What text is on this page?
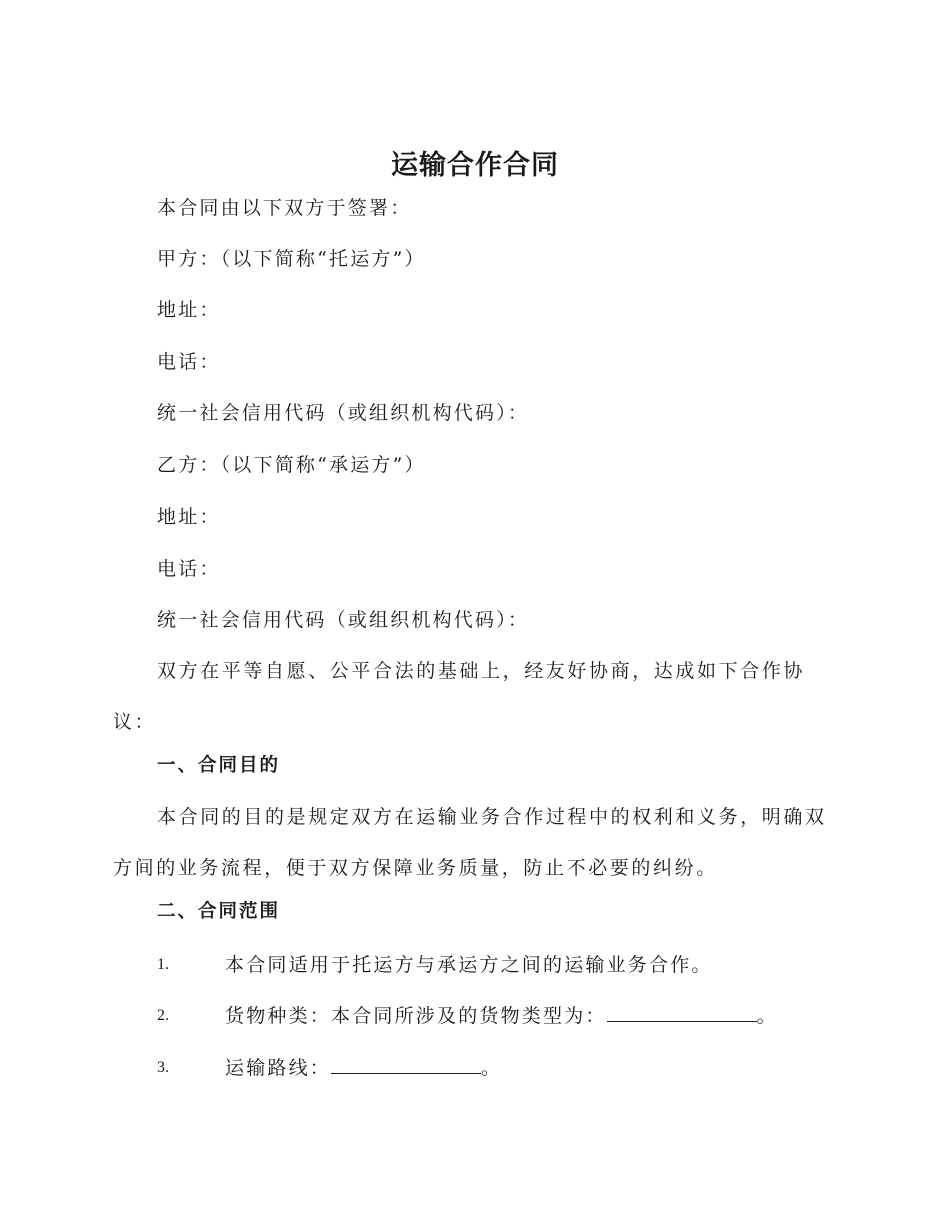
运输合作合同
本合同由以下双方于签署：
甲方：（以下简称“托运方”）
地址：
电话：
统一社会信用代码（或组织机构代码）：
乙方：（以下简称“承运方”）
地址：
电话：
统一社会信用代码（或组织机构代码）：
双方在平等自愿、公平合法的基础上，经友好协商，达成如下合作协议：
一、合同目的
本合同的目的是规定双方在运输业务合作过程中的权利和义务，明确双方间的业务流程，便于双方保障业务质量，防止不必要的纠纷。
二、合同范围
1.	本合同适用于托运方与承运方之间的运输业务合作。
2.	货物种类：本合同所涉及的货物类型为：	。
3.	运输路线：	。
